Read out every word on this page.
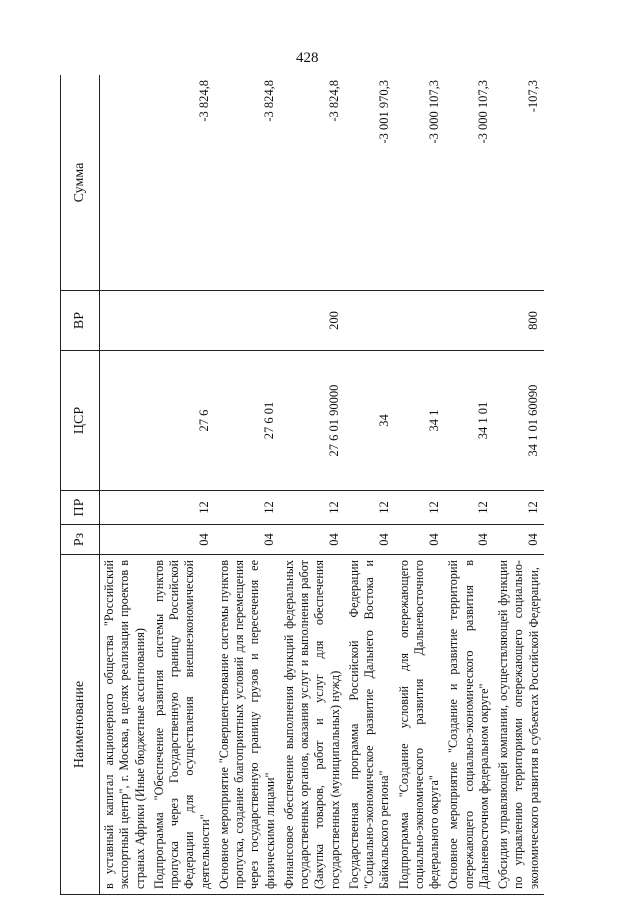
428
Наименование	Рз	ПР	ЦСР	ВР	Сумма
в уставный капитал акционерного общества "Российский экспортный центр", г. Москва, в целях реализации проектов в странах Африки (Иные бюджетные ассигнования)					
Подпрограмма "Обеспечение развития системы пунктов пропуска через Государственную границу Российской Федерации для осуществления внешнеэкономической деятельности"	04	12	27 6		-3 824,8
Основное мероприятие "Совершенствование системы пунктов пропуска, создание благоприятных условий для перемещения через государственную границу грузов и пересечения ее физическими лицами"	04	12	27 6 01		-3 824,8
Финансовое обеспечение выполнения функций федеральных государственных органов, оказания услуг и выполнения работ (Закупка товаров, работ и услуг для обеспечения государственных (муниципальных) нужд)	04	12	27 6 01 90000	200	-3 824,8
Государственная программа Российской Федерации "Социально-экономическое развитие Дальнего Востока и Байкальского региона"	04	12	34		-3 001 970,3
Подпрограмма "Создание условий для опережающего социально-экономического развития Дальневосточного федерального округа"	04	12	34 1		-3 000 107,3
Основное мероприятие "Создание и развитие территорий опережающего социально-экономического развития в Дальневосточном федеральном округе"	04	12	34 1 01		-3 000 107,3
Субсидии управляющей компании, осуществляющей функции по управлению территориями опережающего социально-экономического развития в субъектах Российской Федерации,	04	12	34 1 01 60090	800	-107,3
